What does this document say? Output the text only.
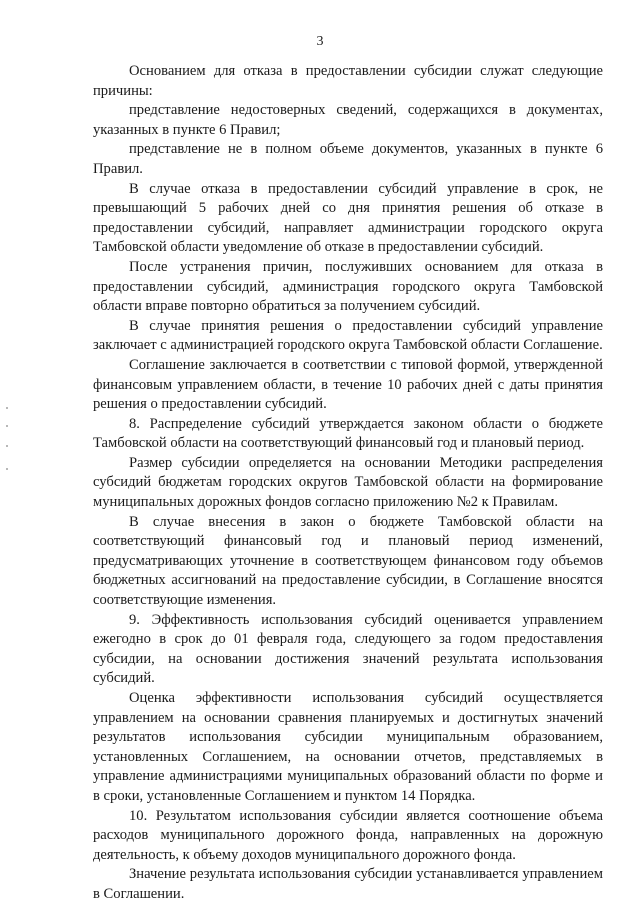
3

Основанием для отказа в предоставлении субсидии служат следующие причины:

представление недостоверных сведений, содержащихся в документах, указанных в пункте 6 Правил;

представление не в полном объеме документов, указанных в пункте 6 Правил.

В случае отказа в предоставлении субсидий управление в срок, не превышающий 5 рабочих дней со дня принятия решения об отказе в предоставлении субсидий, направляет администрации городского округа Тамбовской области уведомление об отказе в предоставлении субсидий.

После устранения причин, послуживших основанием для отказа в предоставлении субсидий, администрация городского округа Тамбовской области вправе повторно обратиться за получением субсидий.

В случае принятия решения о предоставлении субсидий управление заключает с администрацией городского округа Тамбовской области Соглашение.

Соглашение заключается в соответствии с типовой формой, утвержденной финансовым управлением области, в течение 10 рабочих дней с даты принятия решения о предоставлении субсидий.

8. Распределение субсидий утверждается законом области о бюджете Тамбовской области на соответствующий финансовый год и плановый период.

Размер субсидии определяется на основании Методики распределения субсидий бюджетам городских округов Тамбовской области на формирование муниципальных дорожных фондов согласно приложению №2 к Правилам.

В случае внесения в закон о бюджете Тамбовской области на соответствующий финансовый год и плановый период изменений, предусматривающих уточнение в соответствующем финансовом году объемов бюджетных ассигнований на предоставление субсидии, в Соглашение вносятся соответствующие изменения.

9. Эффективность использования субсидий оценивается управлением ежегодно в срок до 01 февраля года, следующего за годом предоставления субсидии, на основании достижения значений результата использования субсидий.

Оценка эффективности использования субсидий осуществляется управлением на основании сравнения планируемых и достигнутых значений результатов использования субсидии муниципальным образованием, установленных Соглашением, на основании отчетов, представляемых в управление администрациями муниципальных образований области по форме и в сроки, установленные Соглашением и пунктом 14 Порядка.

10. Результатом использования субсидии является соотношение объема расходов муниципального дорожного фонда, направленных на дорожную деятельность, к объему доходов муниципального дорожного фонда.

Значение результата использования субсидии устанавливается управлением в Соглашении.
